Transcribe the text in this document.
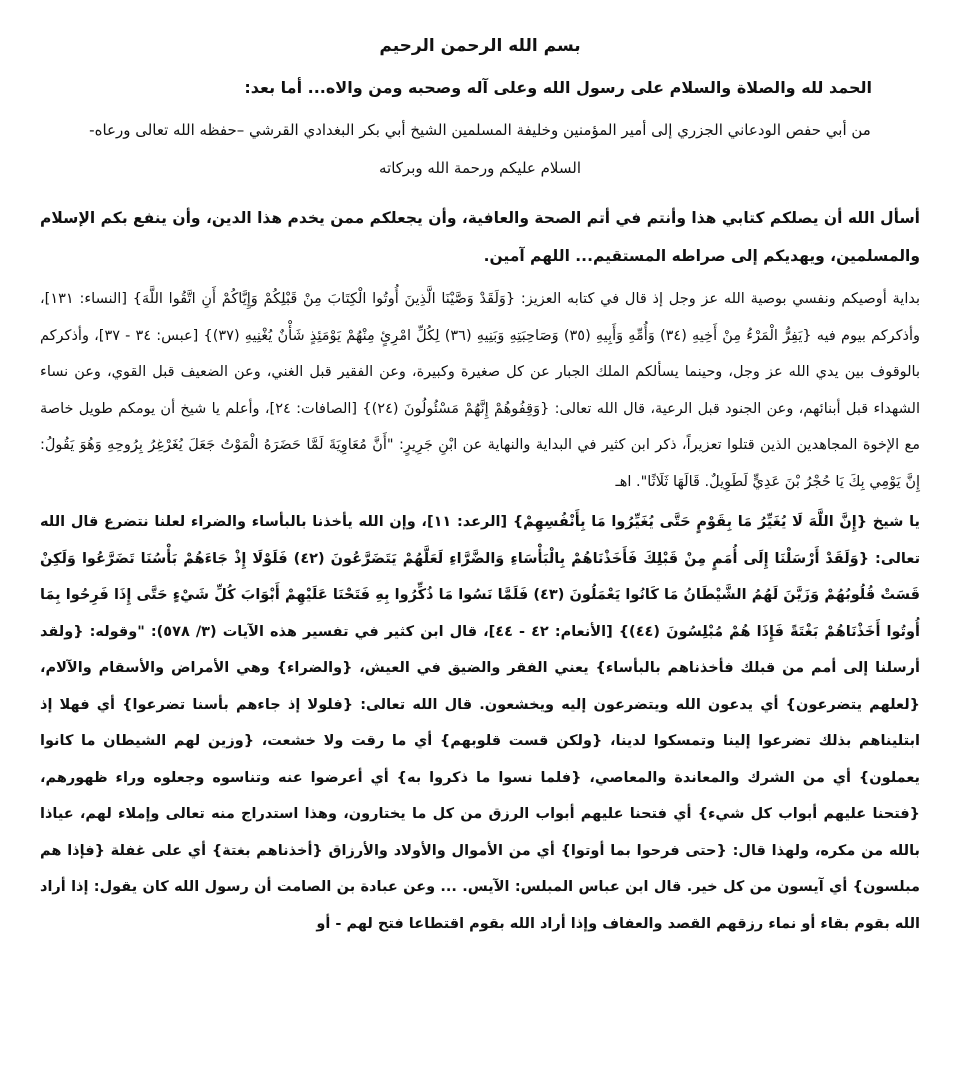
بسم الله الرحمن الرحيم
الحمد لله والصلاة والسلام على رسول الله وعلى آله وصحبه ومن والاه... أما بعد:
من أبي حفص الودعاني الجزري إلى أمير المؤمنين وخليفة المسلمين الشيخ أبي بكر البغدادي القرشي –حفظه الله تعالى ورعاه-
السلام عليكم ورحمة الله وبركاته

أسأل الله أن يصلكم كتابي هذا وأنتم في أتم الصحة والعافية، وأن يجعلكم ممن يخدم هذا الدين، وأن ينفع بكم الإسلام والمسلمين، ويهديكم إلى صراطه المستقيم... اللهم آمين.

بداية أوصيكم ونفسي بوصية الله عز وجل إذ قال في كتابه العزيز: {وَلَقَدْ وَصَّيْنَا الَّذِينَ أُوتُوا الْكِتَابَ مِنْ قَبْلِكُمْ وَإِيَّاكُمْ أَنِ اتَّقُوا اللَّهَ} [النساء: ١٣١]، وأذكركم بيوم فيه {يَفِرُّ الْمَرْءُ مِنْ أَخِيهِ (٣٤) وَأُمِّهِ وَأَبِيهِ (٣٥) وَصَاحِبَتِهِ وَبَنِيهِ (٣٦) لِكُلِّ امْرِئٍ مِنْهُمْ يَوْمَئِذٍ شَأْنٌ يُغْنِيهِ (٣٧)} [عبس: ٣٤ - ٣٧]، وأذكركم بالوقوف بين يدي الله عز وجل، وحينما يسألكم الملك الجبار عن كل صغيرة وكبيرة، وعن الفقير قبل الغني، وعن الضعيف قبل القوي، وعن نساء الشهداء قبل أبنائهم، وعن الجنود قبل الرعية، قال الله تعالى: {وَقِفُوهُمْ إِنَّهُمْ مَسْئُولُونَ (٢٤)} [الصافات: ٢٤]، وأعلم يا شيخ أن يومكم طويل خاصة مع الإخوة المجاهدين الذين قتلوا تعزيراً، ذكر ابن كثير في البداية والنهاية عن ابْنِ جَرِيرٍ: "أَنَّ مُعَاوِيَةَ لَمَّا حَضَرَهُ الْمَوْتُ جَعَلَ يُغَرْغِرُ بِرُوحِهِ وَهُوَ يَقُولُ: إِنَّ يَوْمِي بِكَ يَا حُجْرُ بْنَ عَدِيٍّ لَطَوِيلٌ. قَالَهَا ثَلَاثًا". اهـ

يا شيخ {إِنَّ اللَّهَ لَا يُغَيِّرُ مَا بِقَوْمٍ حَتَّى يُغَيِّرُوا مَا بِأَنْفُسِهِمْ} [الرعد: ١١]، وإن الله يأخذنا بالبأساء والضراء لعلنا نتضرع قال الله تعالى: {وَلَقَدْ أَرْسَلْنَا إِلَى أُمَمٍ مِنْ قَبْلِكَ فَأَخَذْنَاهُمْ بِالْبَأْسَاءِ وَالضَّرَّاءِ لَعَلَّهُمْ يَتَضَرَّعُونَ (٤٢) فَلَوْلَا إِذْ جَاءَهُمْ بَأْسُنَا تَضَرَّعُوا وَلَكِنْ قَسَتْ قُلُوبُهُمْ وَزَيَّنَ لَهُمُ الشَّيْطَانُ مَا كَانُوا يَعْمَلُونَ (٤٣) فَلَمَّا نَسُوا مَا ذُكِّرُوا بِهِ فَتَحْنَا عَلَيْهِمْ أَبْوَابَ كُلِّ شَيْءٍ حَتَّى إِذَا فَرِحُوا بِمَا أُوتُوا أَخَذْنَاهُمْ بَغْتَةً فَإِذَا هُمْ مُبْلِسُونَ (٤٤)} [الأنعام: ٤٢ - ٤٤]، قال ابن كثير في تفسير هذه الآيات (٣/ ٥٧٨): "وقوله: {ولقد أرسلنا إلى أمم من قبلك فأخذناهم بالبأساء} يعني الفقر والضيق في العيش، {والضراء} وهي الأمراض والأسقام والآلام، {لعلهم يتضرعون} أي يدعون الله ويتضرعون إليه ويخشعون. قال الله تعالى: {فلولا إذ جاءهم بأسنا تضرعوا} أي فهلا إذ ابتليناهم بذلك تضرعوا إلينا وتمسكوا لدينا، {ولكن قست قلوبهم} أي ما رقت ولا خشعت، {وزين لهم الشيطان ما كانوا يعملون} أي من الشرك والمعاندة والمعاصي، {فلما نسوا ما ذكروا به} أي أعرضوا عنه وتناسوه وجعلوه وراء ظهورهم، {فتحنا عليهم أبواب كل شيء} أي فتحنا عليهم أبواب الرزق من كل ما يختارون، وهذا استدراج منه تعالى وإملاء لهم، عياذا بالله من مكره، ولهذا قال: {حتى فرحوا بما أوتوا} أي من الأموال والأولاد والأرزاق {أخذناهم بغتة} أي على غفلة {فإذا هم مبلسون} أي آيسون من كل خير. قال ابن عباس المبلس: الآيس. ... وعن عبادة بن الصامت أن رسول الله كان يقول: إذا أراد الله بقوم بقاء أو نماء رزقهم القصد والعفاف وإذا أراد الله بقوم اقتطاعا فتح لهم - أو
